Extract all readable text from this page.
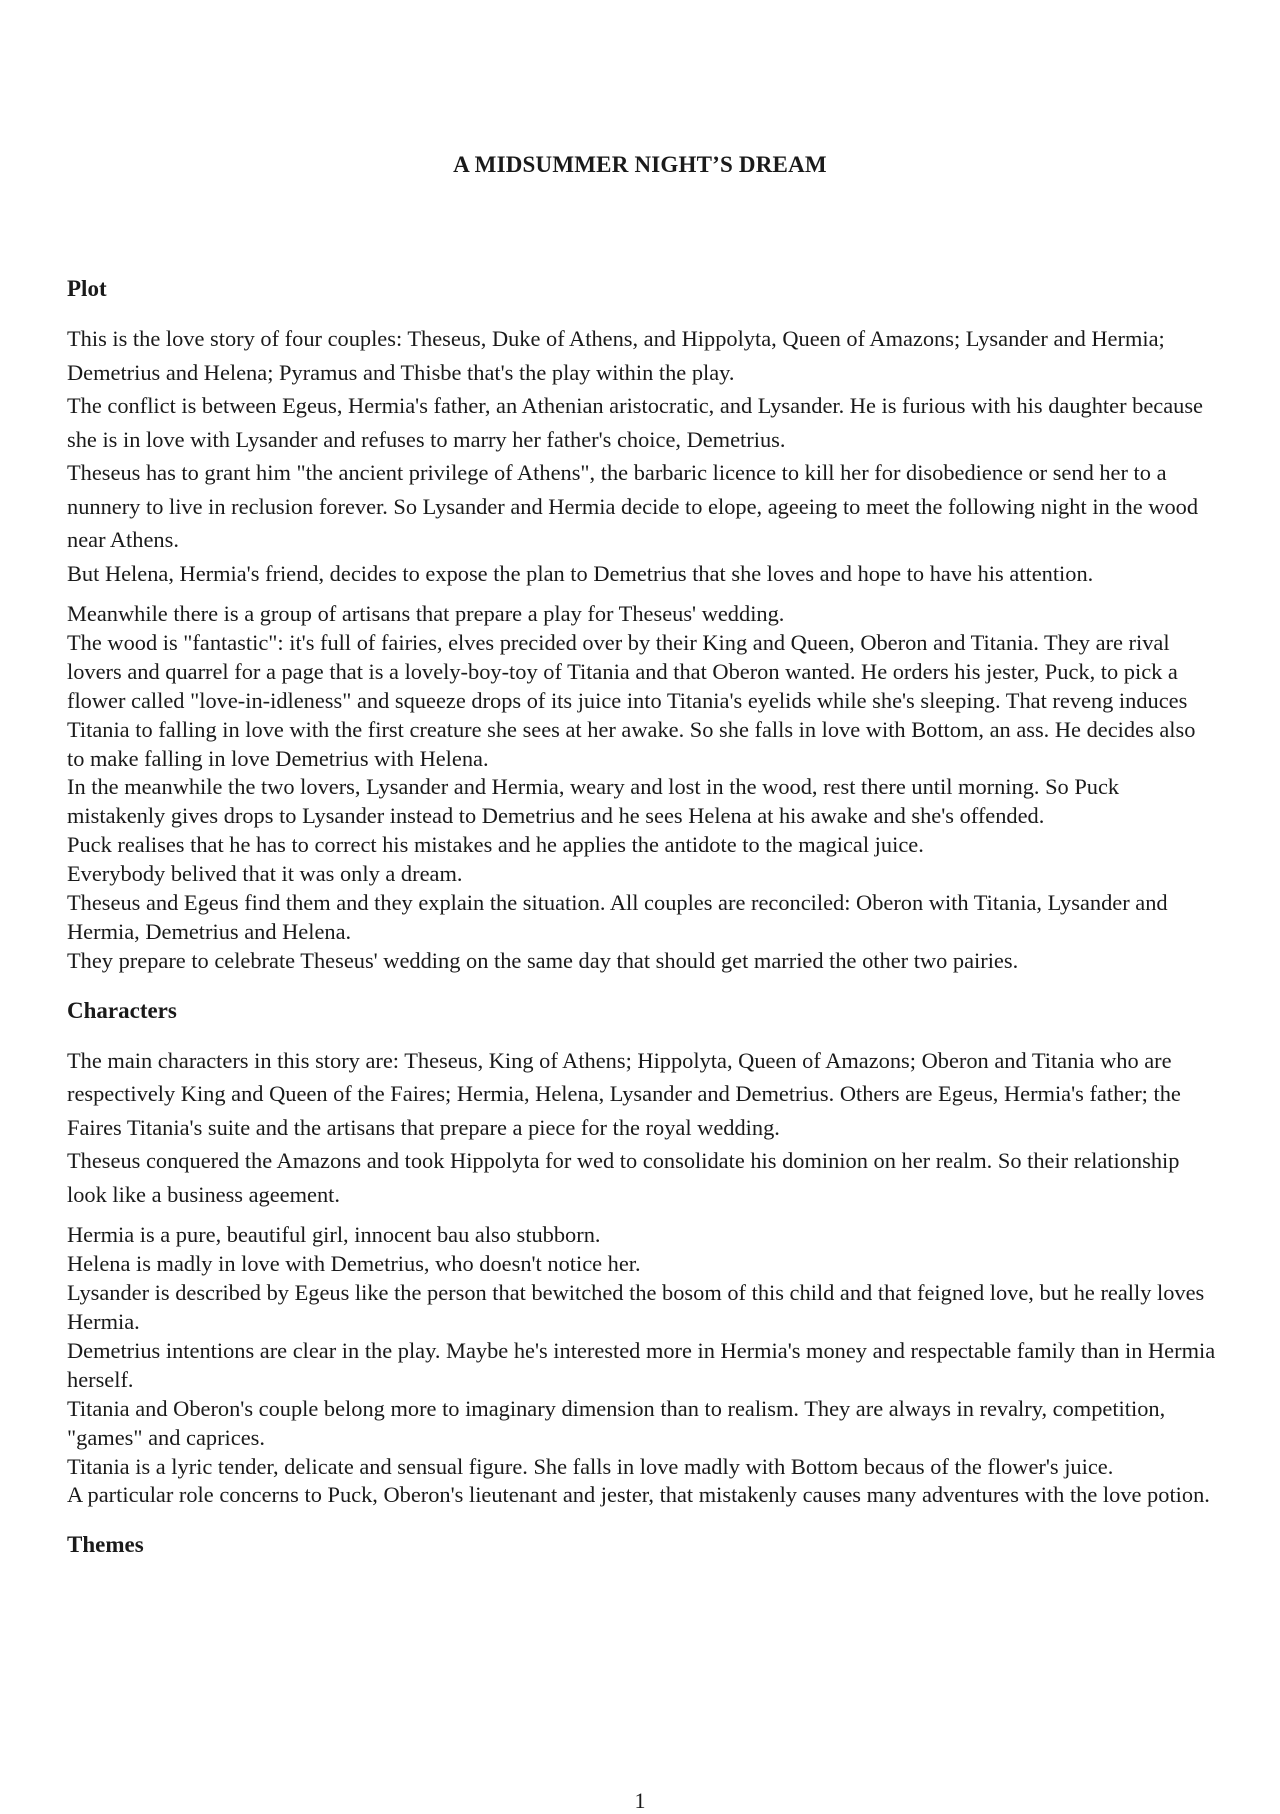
A MIDSUMMER NIGHT’S DREAM
Plot

This is the love story of four couples: Theseus, Duke of Athens, and Hippolyta, Queen of Amazons; Lysander and Hermia; Demetrius and Helena; Pyramus and Thisbe that's the play within the play.

The conflict is between Egeus, Hermia's father, an Athenian aristocratic, and Lysander. He is furious with his daughter because she is in love with Lysander and refuses to marry her father's choice, Demetrius.

Theseus has to grant him "the ancient privilege of Athens", the barbaric licence to kill her for disobedience or send her to a nunnery to live in reclusion forever. So Lysander and Hermia decide to elope, ageeing to meet the following night in the wood near Athens.

But Helena, Hermia's friend, decides to expose the plan to Demetrius that she loves and hope to have his attention.

Meanwhile there is a group of artisans that prepare a play for Theseus' wedding.

The wood is "fantastic": it's full of fairies, elves precided over by their King and Queen, Oberon and Titania. They are rival lovers and quarrel for a page that is a lovely-boy-toy of Titania and that Oberon wanted. He orders his jester, Puck, to pick a flower called "love-in-idleness" and squeeze drops of its juice into Titania's eyelids while she's sleeping. That reveng induces Titania to falling in love with the first creature she sees at her awake. So she falls in love with Bottom, an ass. He decides also to make falling in love Demetrius with Helena.

In the meanwhile the two lovers, Lysander and Hermia, weary and lost in the wood, rest there until morning. So Puck mistakenly gives drops to Lysander instead to Demetrius and he sees Helena at his awake and she's offended.

Puck realises that he has to correct his mistakes and he applies the antidote to the magical juice.

Everybody belived that it was only a dream.

Theseus and Egeus find them and they explain the situation. All couples are reconciled: Oberon with Titania, Lysander and Hermia, Demetrius and Helena.

They prepare to celebrate Theseus' wedding on the same day that should get married the other two pairies.

Characters

The main characters in this story are: Theseus, King of Athens; Hippolyta, Queen of Amazons; Oberon and Titania who are respectively King and Queen of the Faires; Hermia, Helena, Lysander and Demetrius. Others are Egeus, Hermia's father; the Faires Titania's suite and the artisans that prepare a piece for the royal wedding.

Theseus conquered the Amazons and took Hippolyta for wed to consolidate his dominion on her realm. So their relationship look like a business ageement.

Hermia is a pure, beautiful girl, innocent bau also stubborn.

Helena is madly in love with Demetrius, who doesn't notice her.

Lysander is described by Egeus like the person that bewitched the bosom of this child and that feigned love, but he really loves Hermia.

Demetrius intentions are clear in the play. Maybe he's interested more in Hermia's money and respectable family than in Hermia herself.

Titania and Oberon's couple belong more to imaginary dimension than to realism. They are always in revalry, competition, "games" and caprices.

Titania is a lyric tender, delicate and sensual figure. She falls in love madly with Bottom becaus of the flower's juice.

A particular role concerns to Puck, Oberon's lieutenant and jester, that mistakenly causes many adventures with the love potion.

Themes
1
